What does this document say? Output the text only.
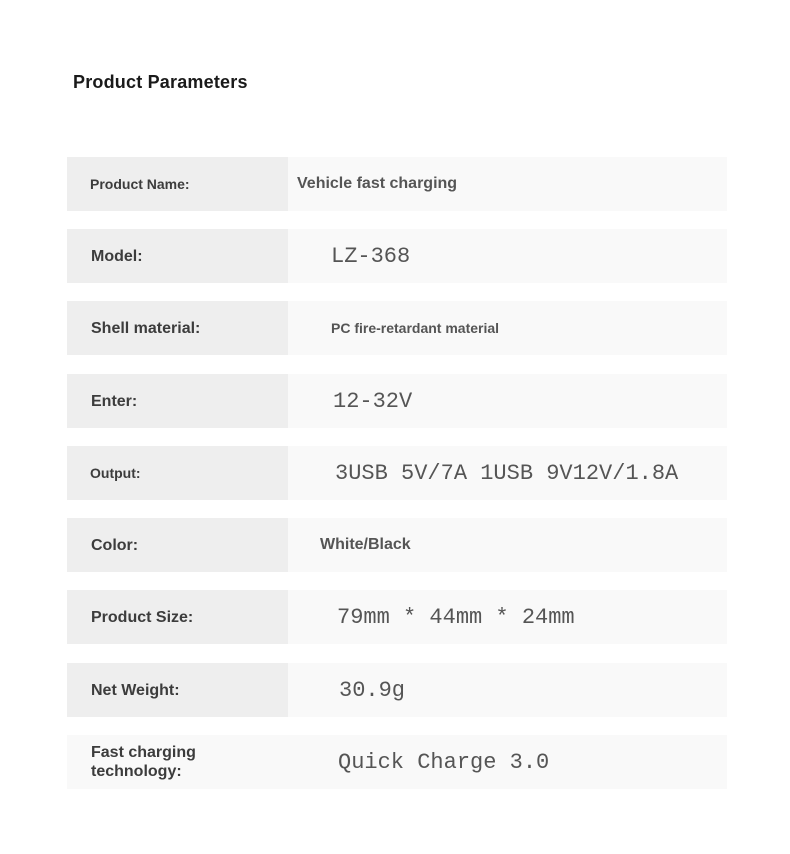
Product Parameters
Product Name:	Vehicle fast charging
Model:	LZ-368
Shell material:	PC fire-retardant material
Enter:	12-32V
Output:	3USB 5V/7A 1USB 9V12V/1.8A
Color:	White/Black
Product Size:	79mm * 44mm * 24mm
Net Weight:	30.9g
Fast charging technology:	Quick Charge 3.0
